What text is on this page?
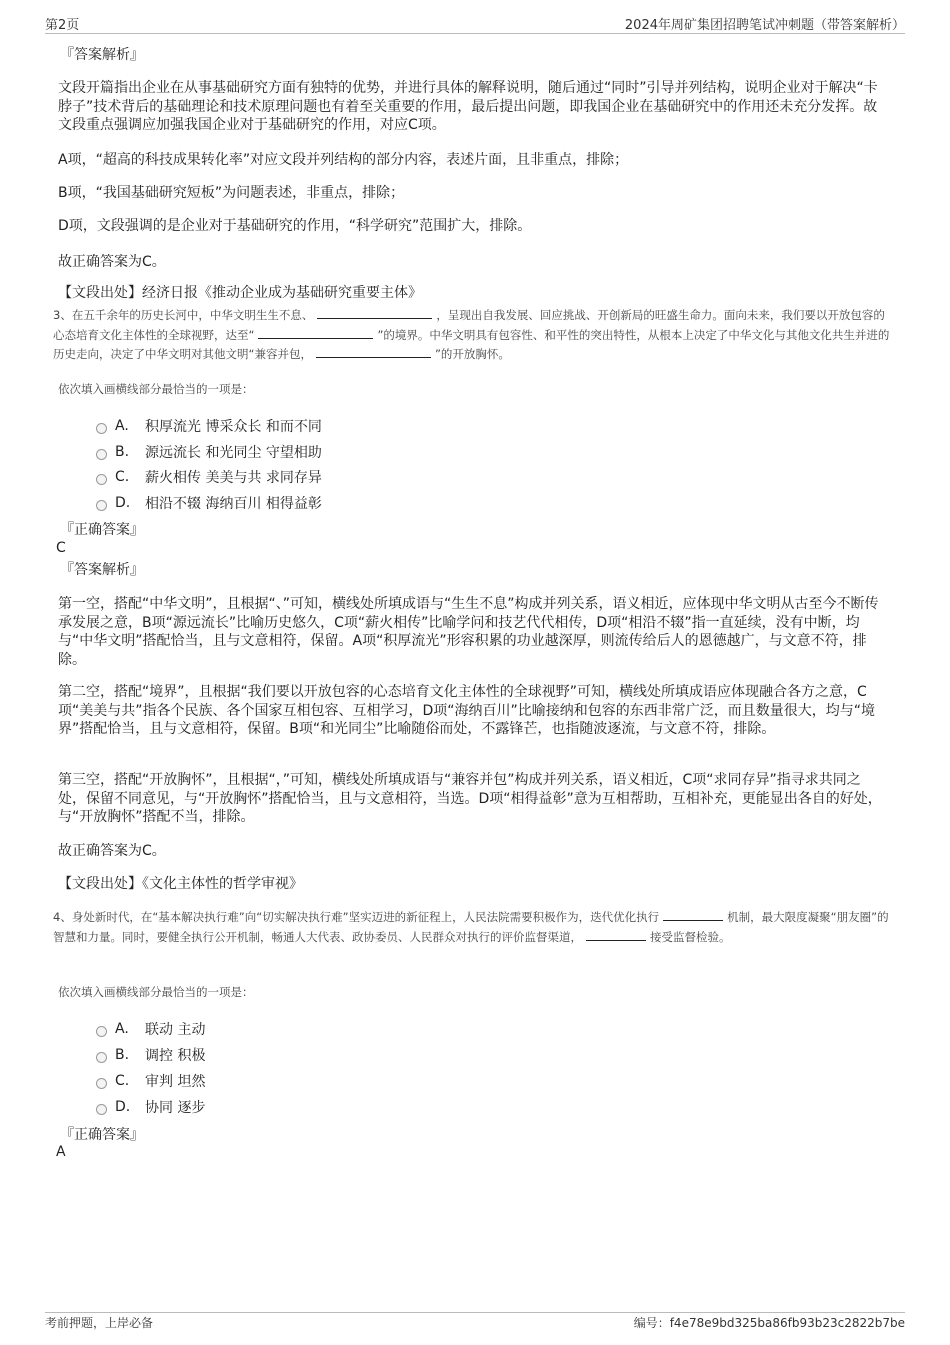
第2页	2024年周矿集团招聘笔试冲刺题（带答案解析）

『答案解析』

文段开篇指出企业在从事基础研究方面有独特的优势，并进行具体的解释说明，随后通过“同时”引导并列结构，说明企业对于解决“卡脖子”技术背后的基础理论和技术原理问题也有着至关重要的作用，最后提出问题，即我国企业在基础研究中的作用还未充分发挥。故文段重点强调应加强我国企业对于基础研究的作用，对应C项。

A项，“超高的科技成果转化率”对应文段并列结构的部分内容，表述片面，且非重点，排除；

B项，“我国基础研究短板”为问题表述，非重点，排除；

D项，文段强调的是企业对于基础研究的作用，“科学研究”范围扩大，排除。

故正确答案为C。

【文段出处】经济日报《推动企业成为基础研究重要主体》

3、在五千余年的历史长河中，中华文明生生不息、	，呈现出自我发展、回应挑战、开创新局的旺盛生命力。面向未来，我们要以开放包容的心态培育文化主体性的全球视野，达至“	”的境界。中华文明具有包容性、和平性的突出特性，从根本上决定了中华文化与其他文化共生并进的历史走向，决定了中华文明对其他文明“兼容并包，	”的开放胸怀。

依次填入画横线部分最恰当的一项是：

A.	积厚流光 博采众长 和而不同
B.	源远流长 和光同尘 守望相助
C.	薪火相传 美美与共 求同存异
D.	相沿不辍 海纳百川 相得益彰

『正确答案』

C

『答案解析』

第一空，搭配“中华文明”，且根据“、”可知，横线处所填成语与“生生不息”构成并列关系，语义相近，应体现中华文明从古至今不断传承发展之意，B项“源远流长”比喻历史悠久，C项“薪火相传”比喻学问和技艺代代相传，D项“相沿不辍”指一直延续，没有中断，均与“中华文明”搭配恰当，且与文意相符，保留。A项“积厚流光”形容积累的功业越深厚，则流传给后人的恩德越广，与文意不符，排除。

第二空，搭配“境界”，且根据“我们要以开放包容的心态培育文化主体性的全球视野”可知，横线处所填成语应体现融合各方之意，C项“美美与共”指各个民族、各个国家互相包容、互相学习，D项“海纳百川”比喻接纳和包容的东西非常广泛，而且数量很大，均与“境界”搭配恰当，且与文意相符，保留。B项“和光同尘”比喻随俗而处，不露锋芒，也指随波逐流，与文意不符，排除。

第三空，搭配“开放胸怀”，且根据“，”可知，横线处所填成语与“兼容并包”构成并列关系，语义相近，C项“求同存异”指寻求共同之处，保留不同意见，与“开放胸怀”搭配恰当，且与文意相符，当选。D项“相得益彰”意为互相帮助，互相补充，更能显出各自的好处，与“开放胸怀”搭配不当，排除。

故正确答案为C。

【文段出处】《文化主体性的哲学审视》

4、身处新时代，在“基本解决执行难”向“切实解决执行难”坚实迈进的新征程上，人民法院需要积极作为，迭代优化执行	机制，最大限度凝聚“朋友圈”的智慧和力量。同时，要健全执行公开机制，畅通人大代表、政协委员、人民群众对执行的评价监督渠道，	接受监督检验。

依次填入画横线部分最恰当的一项是：

A.	联动 主动
B.	调控 积极
C.	审判 坦然
D.	协同 逐步

『正确答案』

A

考前押题，上岸必备	编号：f4e78e9bd325ba86fb93b23c2822b7be
